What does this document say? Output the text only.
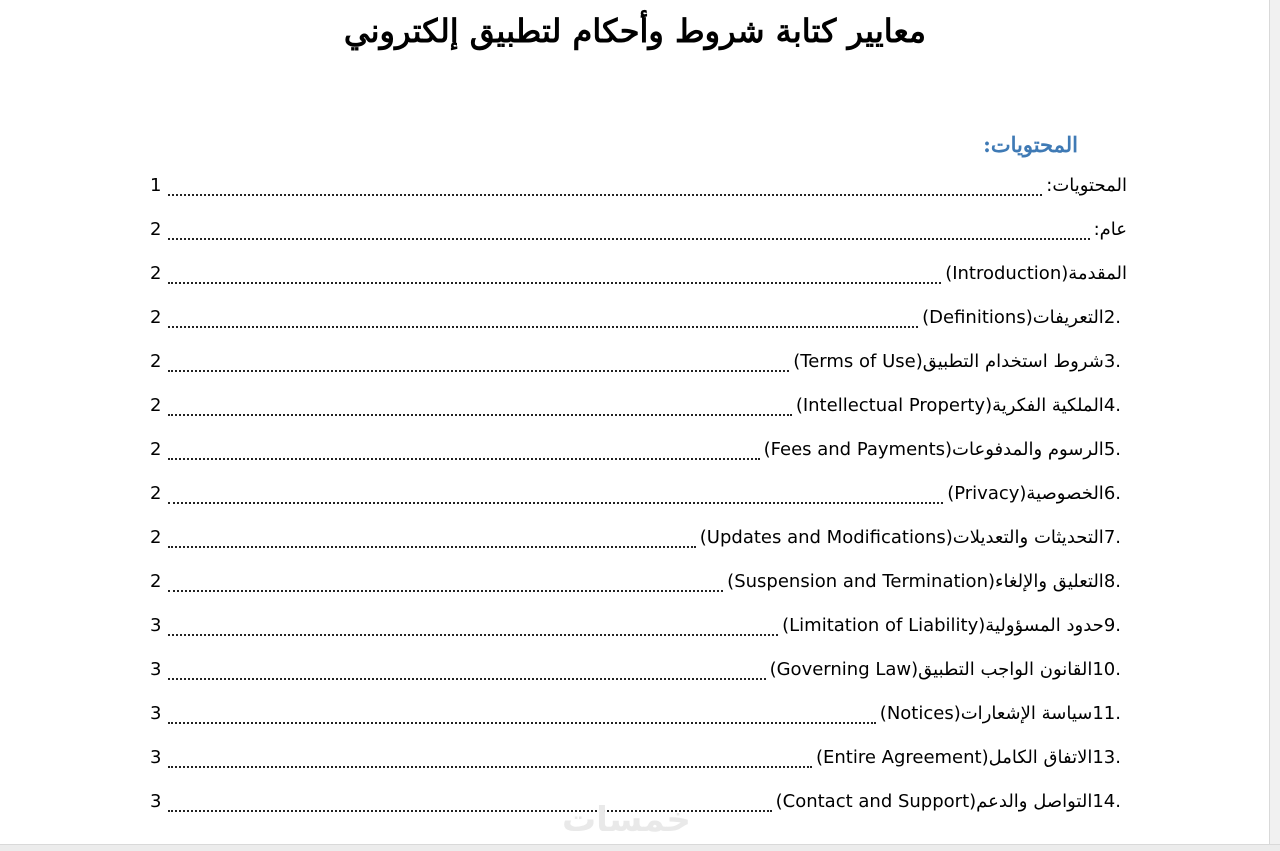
معايير كتابة شروط وأحكام لتطبيق إلكتروني
المحتويات:
المحتويات:
1
عام:
2
المقدمة(Introduction)
2
.2التعريفات(Definitions)
2
.3شروط استخدام التطبيق(Terms of Use)
2
.4الملكية الفكرية(Intellectual Property)
2
.5الرسوم والمدفوعات(Fees and Payments)
2
.6الخصوصية(Privacy)
2
.7التحديثات والتعديلات(Updates and Modifications)
2
.8التعليق والإلغاء(Suspension and Termination)
2
.9حدود المسؤولية(Limitation of Liability)
3
.10القانون الواجب التطبيق(Governing Law)
3
.11سياسة الإشعارات(Notices)
3
.13الاتفاق الكامل(Entire Agreement)
3
.14التواصل والدعم(Contact and Support)
3	خمسات
